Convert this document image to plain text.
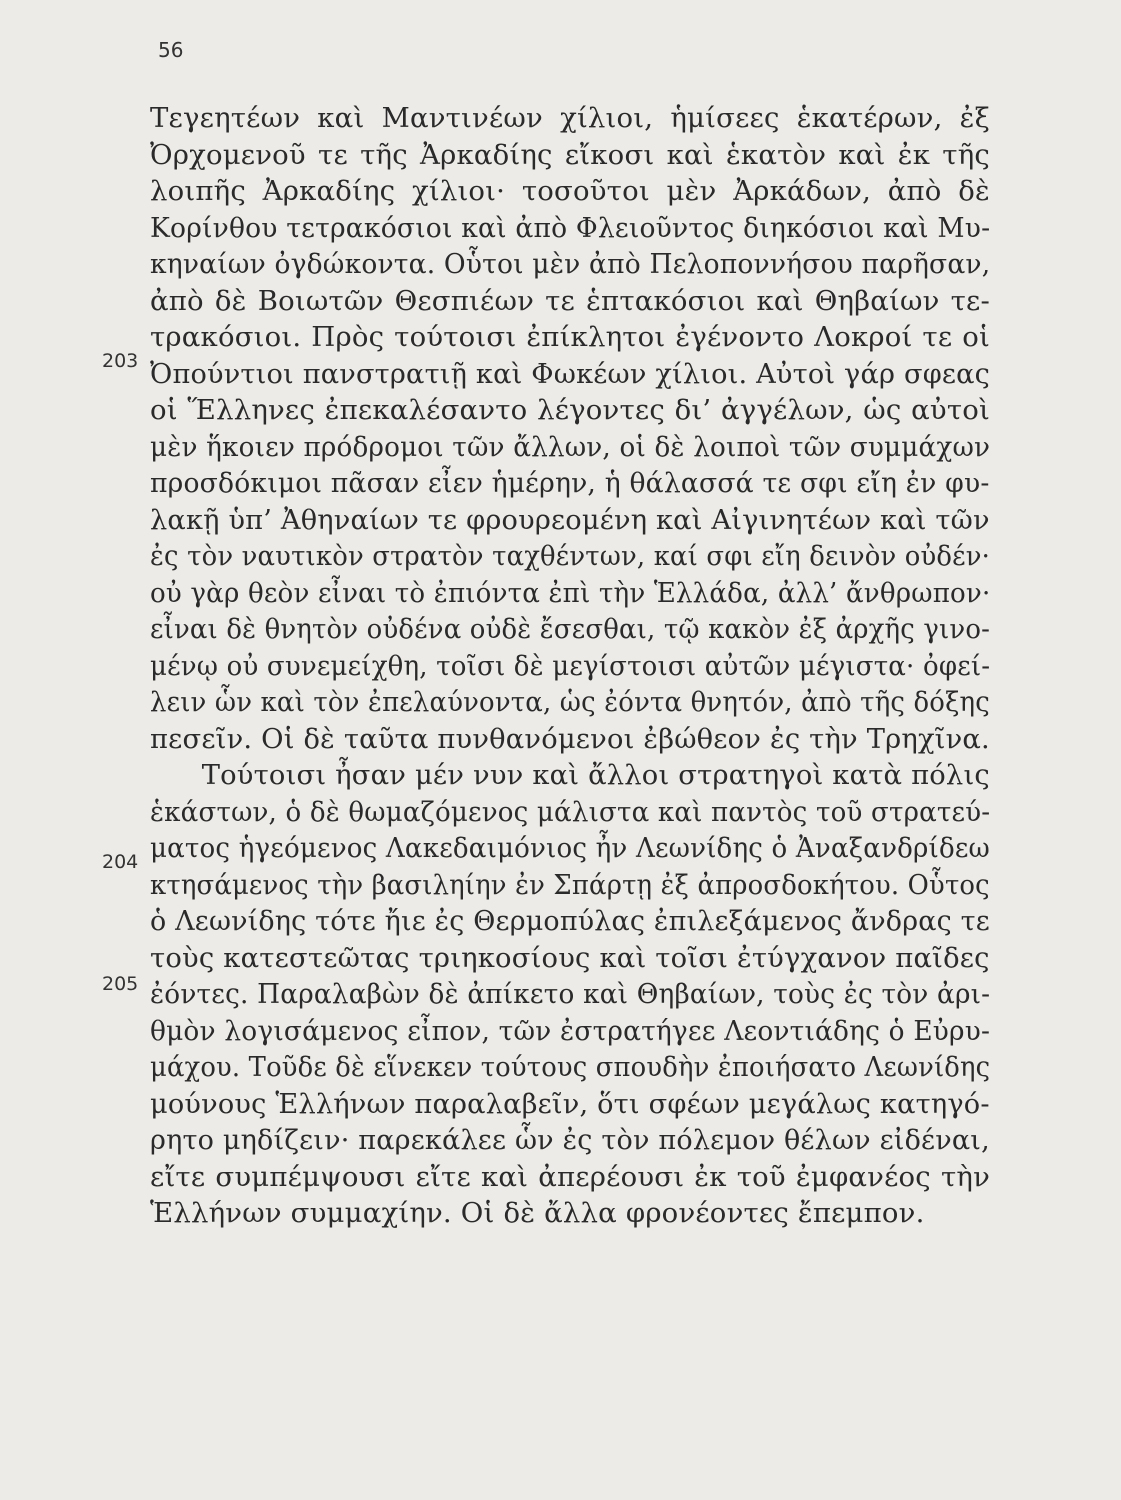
56
203
204
205
Τεγεητέων καὶ Μαντινέων χίλιοι, ἡμίσεες ἑκατέρων, ἐξ
Ὀρχομενοῦ τε τῆς Ἀρκαδίης εἴκοσι καὶ ἑκατὸν καὶ ἐκ τῆς
λοιπῆς Ἀρκαδίης χίλιοι· τοσοῦτοι μὲν Ἀρκάδων, ἀπὸ δὲ
Κορίνθου τετρακόσιοι καὶ ἀπὸ Φλειοῦντος διηκόσιοι καὶ Μυ-
κηναίων ὀγδώκοντα. Οὗτοι μὲν ἀπὸ Πελοποννήσου παρῆσαν,
ἀπὸ δὲ Βοιωτῶν Θεσπιέων τε ἑπτακόσιοι καὶ Θηβαίων τε-
τρακόσιοι. Πρὸς τούτοισι ἐπίκλητοι ἐγένοντο Λοκροί τε οἱ
Ὀπούντιοι πανστρατιῇ καὶ Φωκέων χίλιοι. Αὐτοὶ γάρ σφεας
οἱ Ἕλληνες ἐπεκαλέσαντο λέγοντες δι’ ἀγγέλων, ὡς αὐτοὶ
μὲν ἥκοιεν πρόδρομοι τῶν ἄλλων, οἱ δὲ λοιποὶ τῶν συμμάχων
προσδόκιμοι πᾶσαν εἶεν ἡμέρην, ἡ θάλασσά τε σφι εἴη ἐν φυ-
λακῇ ὑπ’ Ἀθηναίων τε φρουρεομένη καὶ Αἰγινητέων καὶ τῶν
ἐς τὸν ναυτικὸν στρατὸν ταχθέντων, καί σφι εἴη δεινὸν οὐδέν·
οὐ γὰρ θεὸν εἶναι τὸ ἐπιόντα ἐπὶ τὴν Ἑλλάδα, ἀλλ’ ἄνθρωπον·
εἶναι δὲ θνητὸν οὐδένα οὐδὲ ἔσεσθαι, τῷ κακὸν ἐξ ἀρχῆς γινο-
μένῳ οὐ συνεμείχθη, τοῖσι δὲ μεγίστοισι αὐτῶν μέγιστα· ὀφεί-
λειν ὧν καὶ τὸν ἐπελαύνοντα, ὡς ἐόντα θνητόν, ἀπὸ τῆς δόξης
πεσεῖν. Οἱ δὲ ταῦτα πυνθανόμενοι ἐβώθεον ἐς τὴν Τρηχῖνα.
Τούτοισι ἦσαν μέν νυν καὶ ἄλλοι στρατηγοὶ κατὰ πόλις
ἑκάστων, ὁ δὲ θωμαζόμενος μάλιστα καὶ παντὸς τοῦ στρατεύ-
ματος ἡγεόμενος Λακεδαιμόνιος ἦν Λεωνίδης ὁ Ἀναξανδρίδεω
κτησάμενος τὴν βασιληίην ἐν Σπάρτῃ ἐξ ἀπροσδοκήτου. Οὗτος
ὁ Λεωνίδης τότε ἤιε ἐς Θερμοπύλας ἐπιλεξάμενος ἄνδρας τε
τοὺς κατεστεῶτας τριηκοσίους καὶ τοῖσι ἐτύγχανον παῖδες
ἐόντες. Παραλαβὼν δὲ ἀπίκετο καὶ Θηβαίων, τοὺς ἐς τὸν ἀρι-
θμὸν λογισάμενος εἶπον, τῶν ἐστρατήγεε Λεοντιάδης ὁ Εὐρυ-
μάχου. Τοῦδε δὲ εἵνεκεν τούτους σπουδὴν ἐποιήσατο Λεωνίδης
μούνους Ἑλλήνων παραλαβεῖν, ὅτι σφέων μεγάλως κατηγό-
ρητο μηδίζειν· παρεκάλεε ὧν ἐς τὸν πόλεμον θέλων εἰδέναι,
εἴτε συμπέμψουσι εἴτε καὶ ἀπερέουσι ἐκ τοῦ ἐμφανέος τὴν
Ἑλλήνων συμμαχίην. Οἱ δὲ ἄλλα φρονέοντες ἔπεμπον.
